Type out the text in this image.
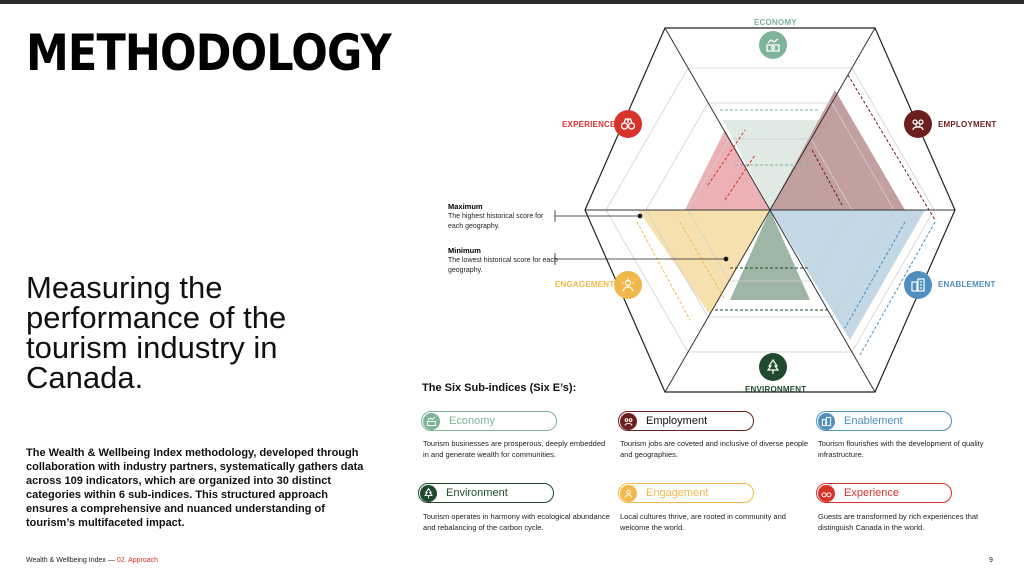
METHODOLOGY
Measuring the performance of the tourism industry in Canada.

The Wealth & Wellbeing Index methodology, developed through collaboration with industry partners, systematically gathers data across 109 indicators, which are organized into 30 distinct categories within 6 sub-indices. This structured approach ensures a comprehensive and nuanced understanding of tourism’s multifaceted impact.

ECONOMY
EMPLOYMENT
ENABLEMENT
ENVIRONMENT
ENGAGEMENT
EXPERIENCE
Maximum
The highest historical score for each geography.
Minimum
The lowest historical score for each geography.
The Six Sub-indices (Six E’s):
Economy
Tourism businesses are prosperous, deeply embedded in and generate wealth for communities.
Employment
Tourism jobs are coveted and inclusive of diverse people and geographies.
Enablement
Tourism flourishes with the development of quality infrastructure.
Environment
Tourism operates in harmony with ecological abundance and rebalancing of the carbon cycle.
Engagement
Local cultures thrive, are rooted in community and welcome the world.
Experience
Guests are transformed by rich experiences that distinguish Canada in the world.
Wealth & Wellbeing Index — 02. Approach	9
